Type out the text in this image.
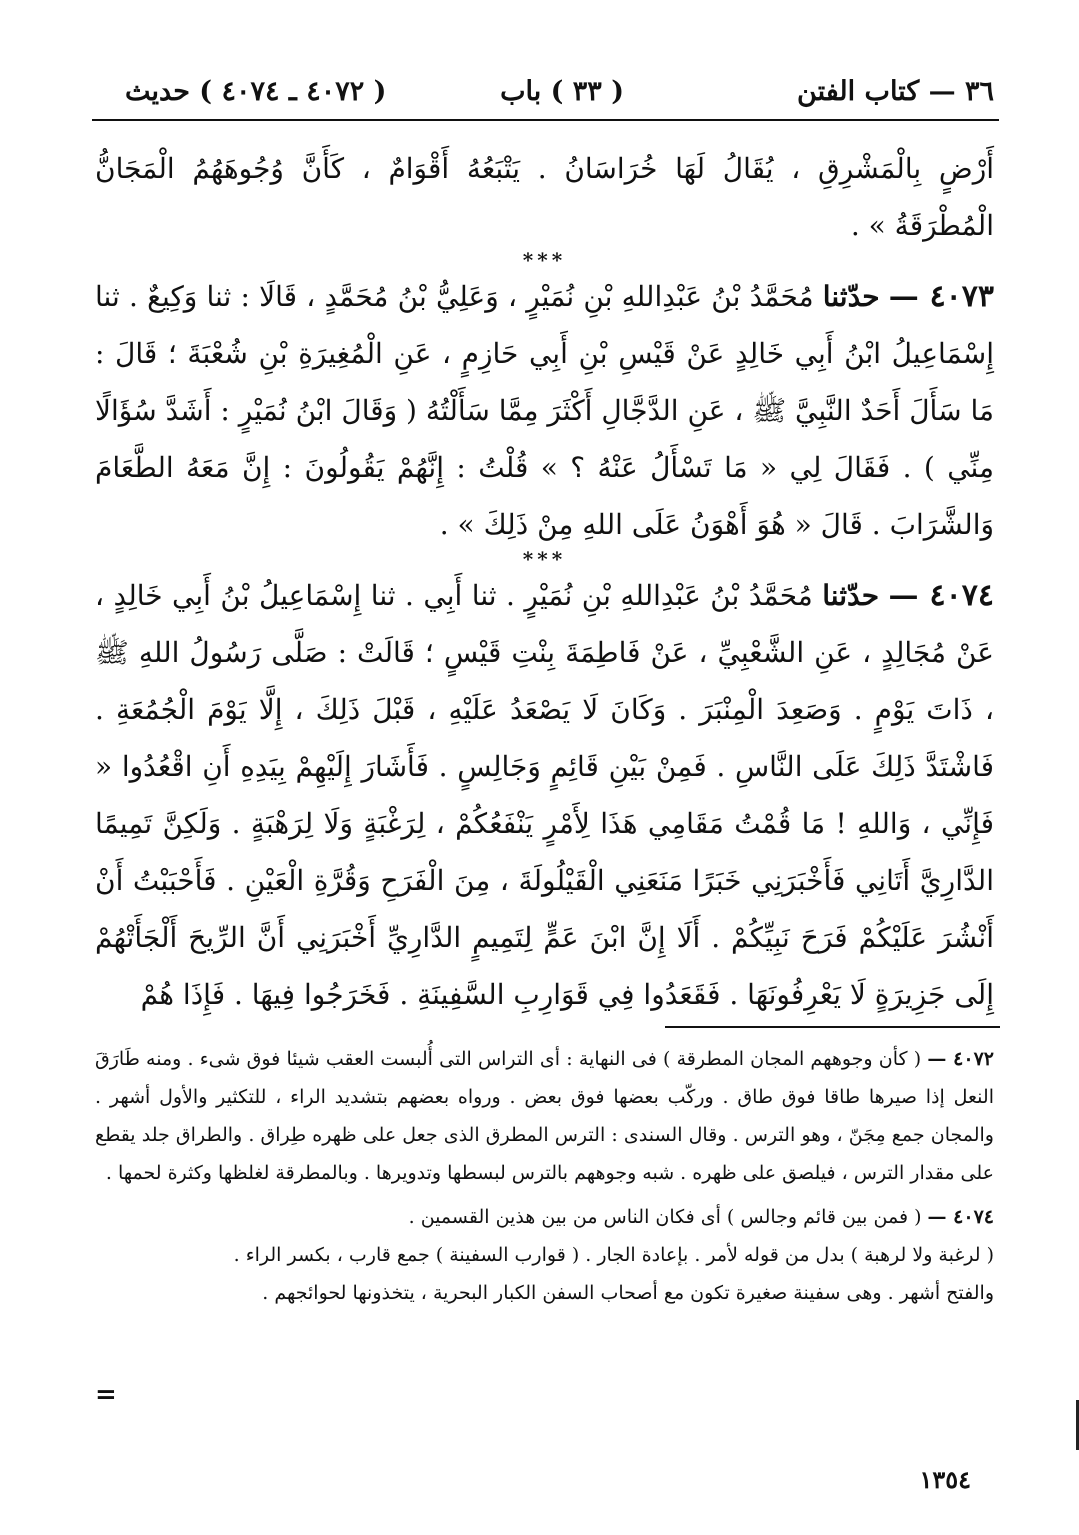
٣٦ — كتاب الفتن
( ٣٣ ) باب
( ٤٠٧٢ ـ ٤٠٧٤ ) حديث

أَرْضٍ بِالْمَشْرِقِ ، يُقَالُ لَهَا خُرَاسَانُ . يَتْبَعُهُ أَقْوَامٌ ، كَأَنَّ وُجُوهَهُمُ الْمَجَانُّ الْمُطْرَقَةُ » .

***

٤٠٧٣ — حدّثنا مُحَمَّدُ بْنُ عَبْدِاللهِ بْنِ نُمَيْرٍ ، وَعَلِيُّ بْنُ مُحَمَّدٍ ، قَالَا : ثنا وَكِيعٌ . ثنا إِسْمَاعِيلُ ابْنُ أَبِي خَالِدٍ عَنْ قَيْسِ بْنِ أَبِي حَازِمٍ ، عَنِ الْمُغِيرَةِ بْنِ شُعْبَةَ ؛ قَالَ : مَا سَأَلَ أَحَدٌ النَّبِيَّ ﷺ ، عَنِ الدَّجَّالِ أَكْثَرَ مِمَّا سَأَلْتُهُ ( وَقَالَ ابْنُ نُمَيْرٍ : أَشَدَّ سُؤَالًا مِنِّي ) . فَقَالَ لِي « مَا تَسْأَلُ عَنْهُ ؟ » قُلْتُ : إِنَّهُمْ يَقُولُونَ : إِنَّ مَعَهُ الطَّعَامَ وَالشَّرَابَ . قَالَ « هُوَ أَهْوَنُ عَلَى اللهِ مِنْ ذَلِكَ » .

***

٤٠٧٤ — حدّثنا مُحَمَّدُ بْنُ عَبْدِاللهِ بْنِ نُمَيْرٍ . ثنا أَبِي . ثنا إِسْمَاعِيلُ بْنُ أَبِي خَالِدٍ ، عَنْ مُجَالِدٍ ، عَنِ الشَّعْبِيِّ ، عَنْ فَاطِمَةَ بِنْتِ قَيْسٍ ؛ قَالَتْ : صَلَّى رَسُولُ اللهِ ﷺ ، ذَاتَ يَوْمٍ . وَصَعِدَ الْمِنْبَرَ . وَكَانَ لَا يَصْعَدُ عَلَيْهِ ، قَبْلَ ذَلِكَ ، إِلَّا يَوْمَ الْجُمُعَةِ . فَاشْتَدَّ ذَلِكَ عَلَى النَّاسِ . فَمِنْ بَيْنِ قَائِمٍ وَجَالِسٍ . فَأَشَارَ إِلَيْهِمْ بِيَدِهِ أَنِ اقْعُدُوا « فَإِنِّي ، وَاللهِ ! مَا قُمْتُ مَقَامِي هَذَا لِأَمْرٍ يَنْفَعُكُمْ ، لِرَغْبَةٍ وَلَا لِرَهْبَةٍ . وَلَكِنَّ تَمِيمًا الدَّارِيَّ أَتَانِي فَأَخْبَرَنِي خَبَرًا مَنَعَنِي الْقَيْلُولَةَ ، مِنَ الْفَرَحِ وَقُرَّةِ الْعَيْنِ . فَأَحْبَبْتُ أَنْ أَنْشُرَ عَلَيْكُمْ فَرَحَ نَبِيِّكُمْ . أَلَا إِنَّ ابْنَ عَمٍّ لِتَمِيمٍ الدَّارِيِّ أَخْبَرَنِي أَنَّ الرِّيحَ أَلْجَأَتْهُمْ إِلَى جَزِيرَةٍ لَا يَعْرِفُونَهَا . فَقَعَدُوا فِي قَوَارِبِ السَّفِينَةِ . فَخَرَجُوا فِيهَا . فَإِذَا هُمْ

٤٠٧٢ — ( كأن وجوههم المجان المطرقة ) فى النهاية : أى التراس التى أُلبست العقب شيئا فوق شىء . ومنه طَارَقَ النعل إذا صيرها طاقا فوق طاق . وركّب بعضها فوق بعض . ورواه بعضهم بتشديد الراء ، للتكثير والأول أشهر . والمجان جمع مِجَنّ ، وهو الترس . وقال السندى : الترس المطرق الذى جعل على ظهره طِراق . والطراق جلد يقطع على مقدار الترس ، فيلصق على ظهره . شبه وجوههم بالترس لبسطها وتدويرها . وبالمطرقة لغلظها وكثرة لحمها .

٤٠٧٤ — ( فمن بين قائم وجالس ) أى فكان الناس من بين هذين القسمين .
( لرغبة ولا لرهبة ) بدل من قوله لأمر . بإعادة الجار . ( قوارب السفينة ) جمع قارب ، بكسر الراء .
والفتح أشهر . وهى سفينة صغيرة تكون مع أصحاب السفن الكبار البحرية ، يتخذونها لحوائجهم .

=
١٣٥٤
